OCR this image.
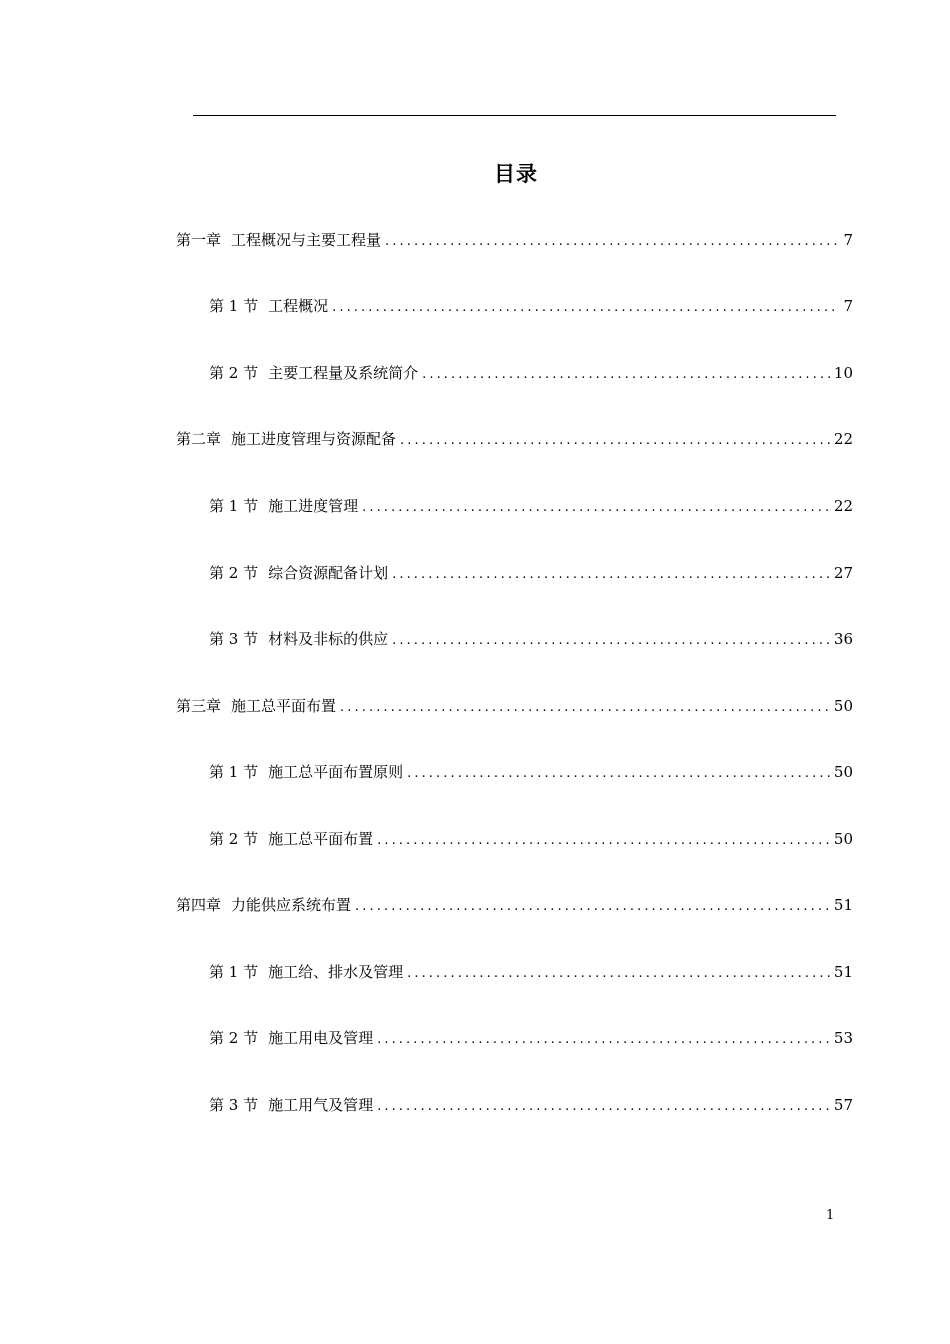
目录
第一章 工程概况与主要工程量 .....	7
第 1 节 工程概况 .....	7
第 2 节 主要工程量及系统简介 .....	10
第二章 施工进度管理与资源配备 .....	22
第 1 节 施工进度管理 .....	22
第 2 节 综合资源配备计划 .....	27
第 3 节 材料及非标的供应 .....	36
第三章 施工总平面布置 .....	50
第 1 节 施工总平面布置原则 .....	50
第 2 节 施工总平面布置 .....	50
第四章 力能供应系统布置 .....	51
第 1 节 施工给、排水及管理 .....	51
第 2 节 施工用电及管理 .....	53
第 3 节 施工用气及管理 .....	57
1
